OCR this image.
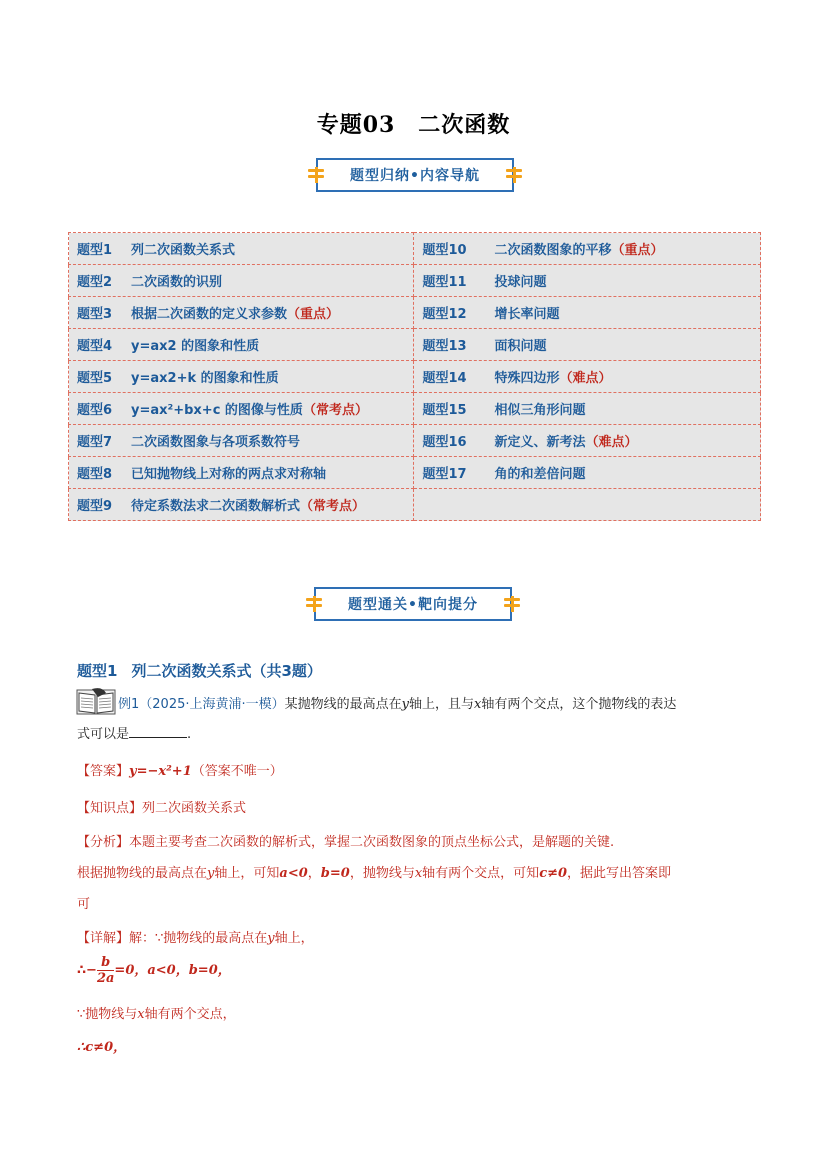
专题03　二次函数
题型归纳•内容导航
题型1 列二次函数关系式	题型10 二次函数图象的平移（重点）
题型2 二次函数的识别	题型11 投球问题
题型3 根据二次函数的定义求参数（重点）	题型12 增长率问题
题型4 y=ax2 的图象和性质	题型13 面积问题
题型5 y=ax2+k 的图象和性质	题型14 特殊四边形（难点）
题型6 y=ax²+bx+c 的图像与性质（常考点）	题型15 相似三角形问题
题型7 二次函数图象与各项系数符号	题型16 新定义、新考法（难点）
题型8 已知抛物线上对称的两点求对称轴	题型17 角的和差倍问题
题型9 待定系数法求二次函数解析式（常考点）	
题型通关•靶向提分
题型1 列二次函数关系式（共3题）
例1（2025·上海黄浦·一模）某抛物线的最高点在y轴上，且与x轴有两个交点，这个抛物线的表达
式可以是	.
【答案】y=−x²+1（答案不唯一）
【知识点】列二次函数关系式
【分析】本题主要考查二次函数的解析式，掌握二次函数图象的顶点坐标公式，是解题的关键.
根据抛物线的最高点在y轴上，可知a<0，b=0，抛物线与x轴有两个交点，可知c≠0，据此写出答案即
可
【详解】解：∵抛物线的最高点在y轴上，
∴− $\frac{b}{2a} =0$，a<0，b=0，
∵抛物线与x轴有两个交点，
∴c≠0，
